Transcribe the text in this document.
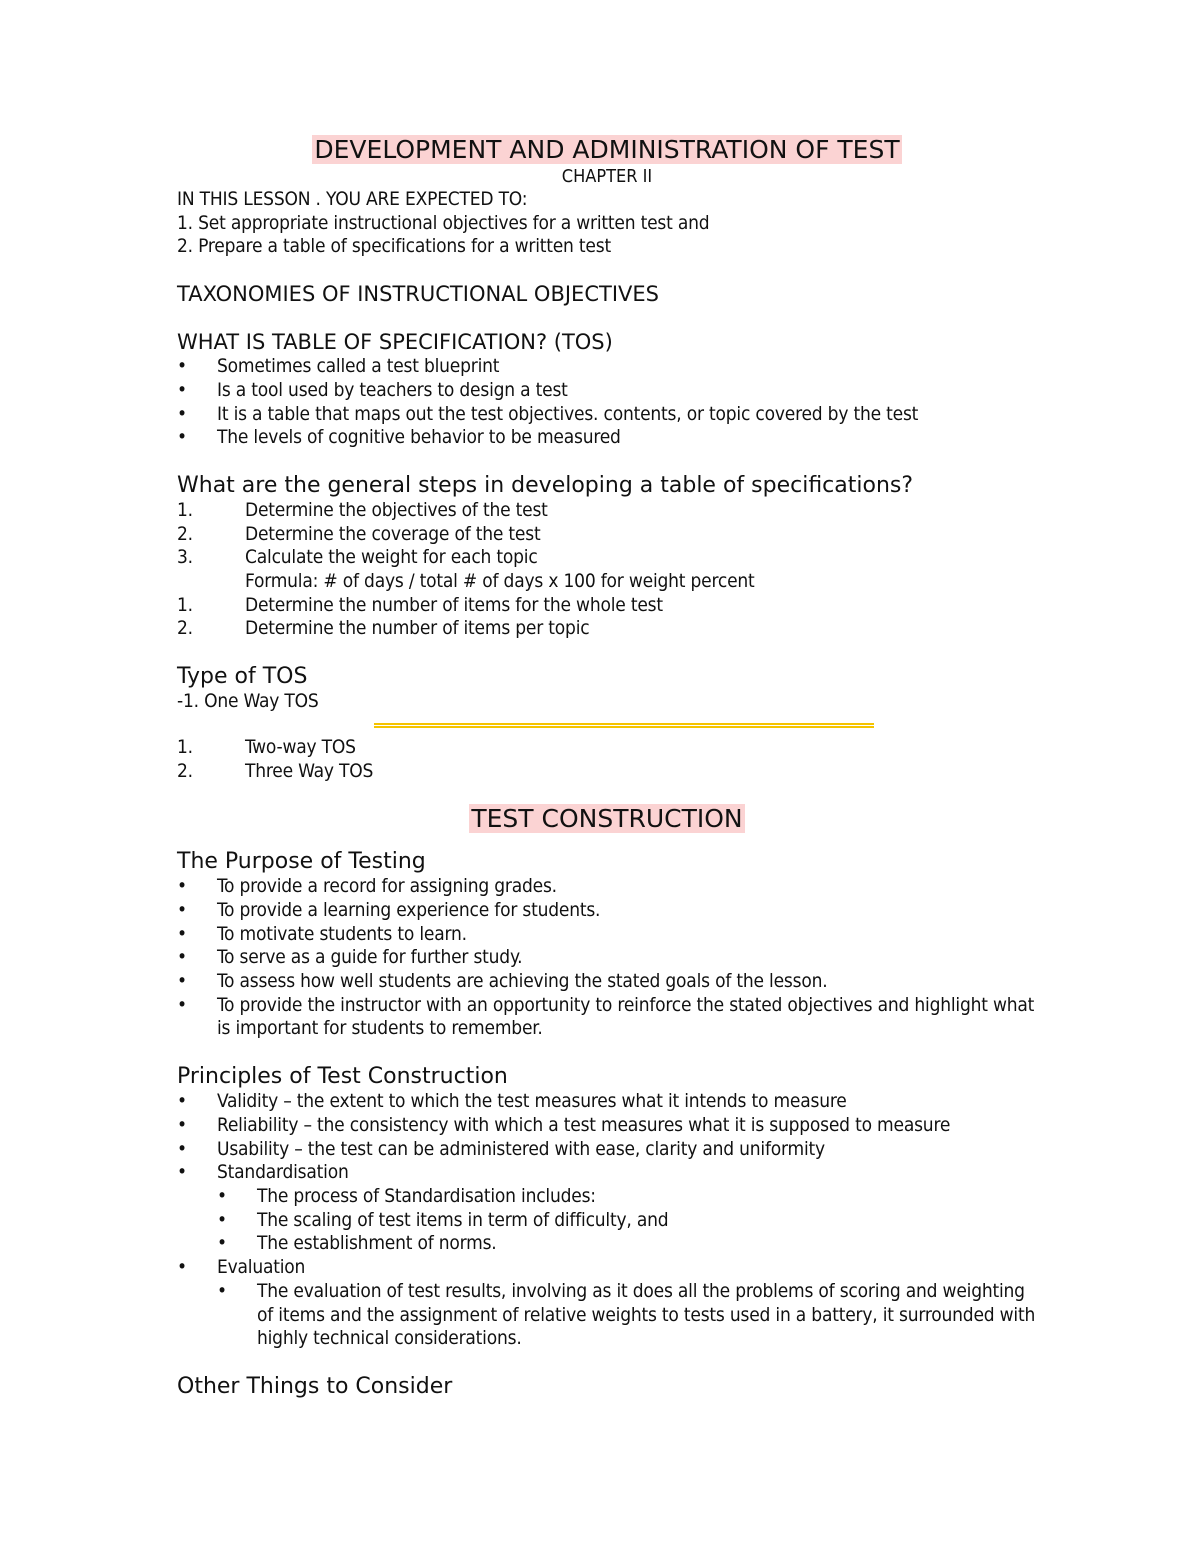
DEVELOPMENT AND ADMINISTRATION OF TEST
CHAPTER II
IN THIS LESSON . YOU ARE EXPECTED TO:
1. Set appropriate instructional objectives for a written test and
2. Prepare a table of specifications for a written test
TAXONOMIES OF INSTRUCTIONAL OBJECTIVES
WHAT IS TABLE OF SPECIFICATION? (TOS)
•	Sometimes called a test blueprint
•	Is a tool used by teachers to design a test
•	It is a table that maps out the test objectives. contents, or topic covered by the test
•	The levels of cognitive behavior to be measured
What are the general steps in developing a table of specifications?
1.	Determine the objectives of the test
2.	Determine the coverage of the test
3.	Calculate the weight for each topic
Formula: # of days / total # of days x 100 for weight percent
1.	Determine the number of items for the whole test
2.	Determine the number of items per topic
Type of TOS
-1. One Way TOS
1.	Two-way TOS
2.	Three Way TOS
TEST CONSTRUCTION
The Purpose of Testing
•	To provide a record for assigning grades.
•	To provide a learning experience for students.
•	To motivate students to learn.
•	To serve as a guide for further study.
•	To assess how well students are achieving the stated goals of the lesson.
•	To provide the instructor with an opportunity to reinforce the stated objectives and highlight what is important for students to remember.
Principles of Test Construction
•	Validity – the extent to which the test measures what it intends to measure
•	Reliability – the consistency with which a test measures what it is supposed to measure
•	Usability – the test can be administered with ease, clarity and uniformity
•	Standardisation
•	The process of Standardisation includes:
•	The scaling of test items in term of difficulty, and
•	The establishment of norms.
•	Evaluation
•	The evaluation of test results, involving as it does all the problems of scoring and weighting of items and the assignment of relative weights to tests used in a battery, it surrounded with highly technical considerations.
Other Things to Consider
